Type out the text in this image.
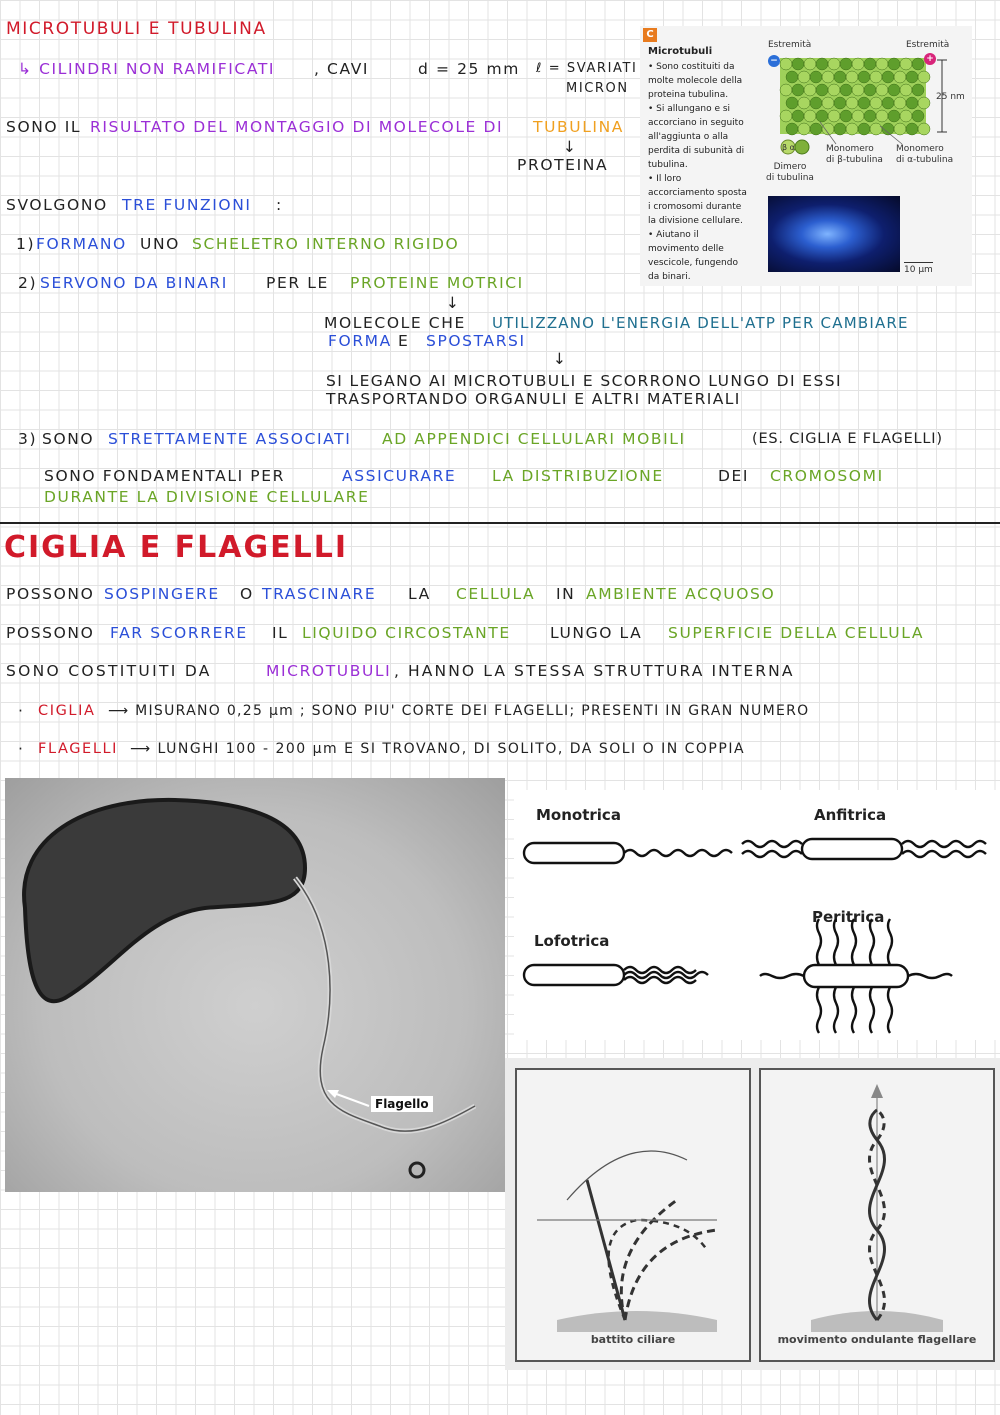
MICROTUBULI E TUBULINA
↳ CILINDRI NON RAMIFICATI	, CAVI	d = 25 mm ℓ = SVARIATI
MICRON
SONO IL RISULTATO DEL MONTAGGIO DI MOLECOLE DI TUBULINA
↓
PROTEINA
SVOLGONO TRE FUNZIONI :
1) FORMANO UNO SCHELETRO INTERNO RIGIDO
2) SERVONO DA BINARI PER LE PROTEINE MOTRICI
↓
MOLECOLE CHE UTILIZZANO L'ENERGIA DELL'ATP PER CAMBIARE
FORMA E SPOSTARSI
↓
SI LEGANO AI MICROTUBULI E SCORRONO LUNGO DI ESSI
TRASPORTANDO ORGANULI E ALTRI MATERIALI
3) SONO STRETTAMENTE ASSOCIATI AD APPENDICI CELLULARI MOBILI	(ES. CIGLIA E FLAGELLI)
SONO FONDAMENTALI PER	ASSICURARE LA DISTRIBUZIONE	DEI CROMOSOMI
DURANTE LA DIVISIONE CELLULARE
C
Microtubuli
• Sono costituiti da
molte molecole della
proteina tubulina.
• Si allungano e si
accorciano in seguito
all'aggiunta o alla
perdita di subunità di
tubulina.
• Il loro
accorciamento sposta
i cromosomi durante
la divisione cellulare.
• Aiutano il
movimento delle
vescicole, fungendo
da binari.
Estremità	Estremità
25 nm
Dimero
di tubulina
Monomero
di β-tubulina
Monomero
di α-tubulina
β α
−	+
10 µm
CIGLIA E FLAGELLI
POSSONO SOSPINGERE O TRASCINARE LA CELLULA IN AMBIENTE ACQUOSO
POSSONO FAR SCORRERE IL LIQUIDO CIRCOSTANTE	LUNGO LA SUPERFICIE DELLA CELLULA
SONO COSTITUITI DA	MICROTUBULI , HANNO LA STESSA STRUTTURA INTERNA
· CIGLIA ⟶ MISURANO 0,25 µm ; SONO PIU' CORTE DEI FLAGELLI; PRESENTI IN GRAN NUMERO
· FLAGELLI ⟶ LUNGHI 100 - 200 µm E SI TROVANO, DI SOLITO, DA SOLI O IN COPPIA
Flagello
Monotrica	Anfitrica
Lofotrica
Peritrica
battito ciliare	movimento ondulante flagellare
